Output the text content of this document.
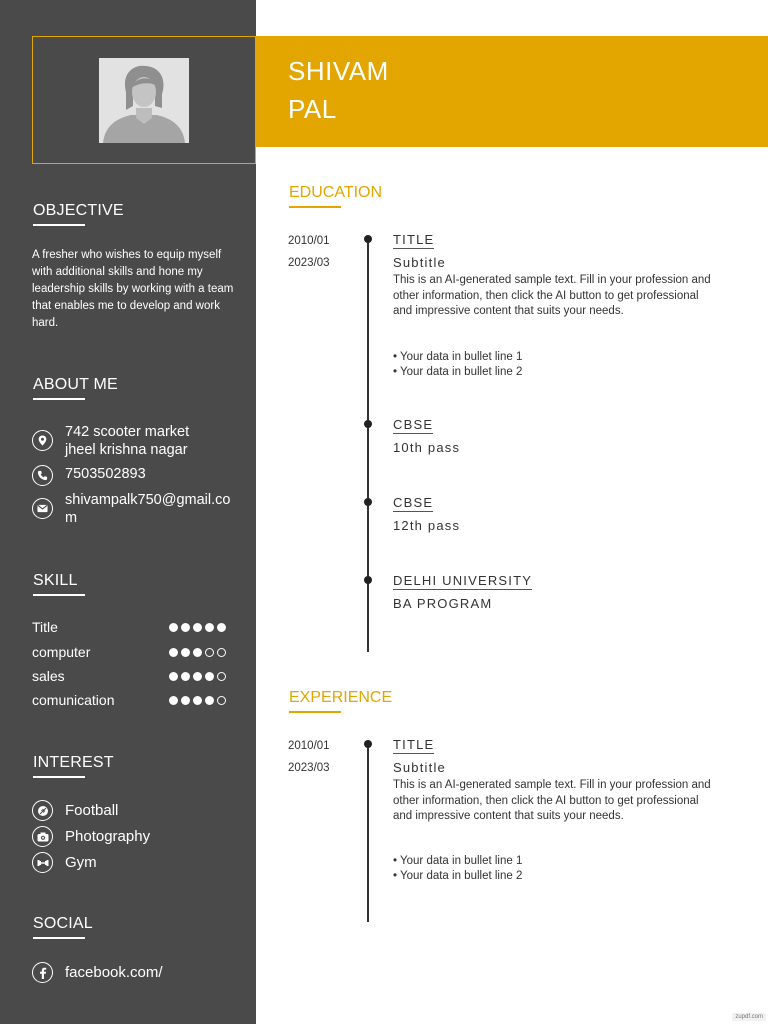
OBJECTIVE
A fresher who wishes to equip myself with additional skills and hone my leadership skills by working with a team that enables me to develop and work hard.
ABOUT ME
742 scooter market
jheel krishna nagar
7503502893
shivampalk750@gmail.com
SKILL
Title
computer
sales
comunication
INTEREST
Football
Photography
Gym
SOCIAL
facebook.com/
SHIVAM
PAL
EDUCATION
2010/01
2023/03
TITLE
Subtitle
This is an AI-generated sample text. Fill in your profession and other information, then click the AI button to get professional and impressive content that suits your needs.
• Your data in bullet line 1
• Your data in bullet line 2
CBSE
10th pass
CBSE
12th pass
DELHI UNIVERSITY
BA PROGRAM
EXPERIENCE
2010/01
2023/03
TITLE
Subtitle
This is an AI-generated sample text. Fill in your profession and other information, then click the AI button to get professional and impressive content that suits your needs.
• Your data in bullet line 1
• Your data in bullet line 2
zupdf.com
